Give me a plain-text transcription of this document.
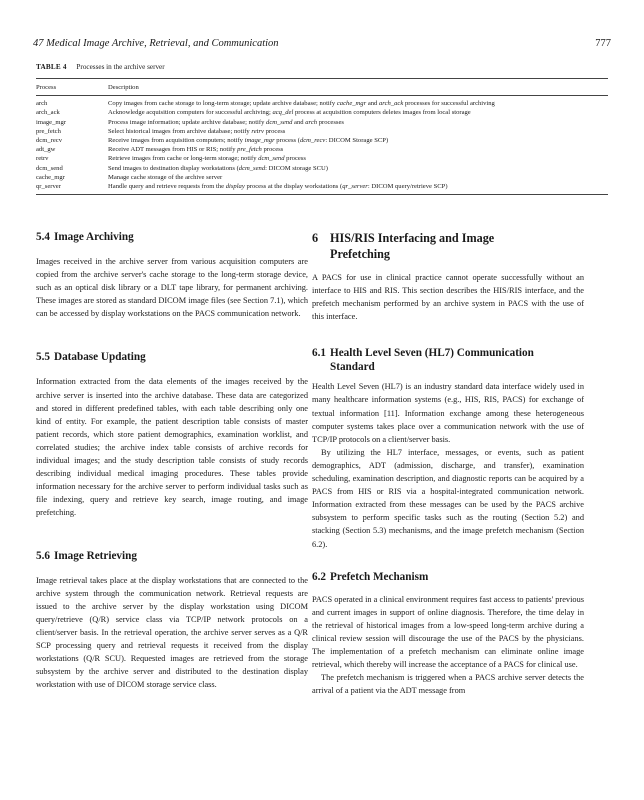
47 Medical Image Archive, Retrieval, and Communication	777
TABLE 4 Processes in the archive server
Process	Description
arch	Copy images from cache storage to long-term storage; update archive database; notify cache_mgr and arch_ack processes for successful archiving
arch_ack	Acknowledge acquisition computers for successful archiving; acq_del process at acquisition computers deletes images from local storage
image_mgr	Process image information; update archive database; notify dcm_send and arch processes
pre_fetch	Select historical images from archive database; notify retrv process
dcm_recv	Receive images from acquisition computers; notify image_mgr process (dcm_recv: DICOM Storage SCP)
adt_gw	Receive ADT messages from HIS or RIS; notify pre_fetch process
retrv	Retrieve images from cache or long-term storage; notify dcm_send process
dcm_send	Send images to destination display workstations (dcm_send: DICOM storage SCU)
cache_mgr	Manage cache storage of the archive server
qr_server	Handle query and retrieve requests from the display process at the display workstations (qr_server: DICOM query/retrieve SCP)
5.4 Image Archiving

Images received in the archive server from various acquisition computers are copied from the archive server's cache storage to the long-term storage device, such as an optical disk library or a DLT tape library, for permanent archiving. These images are stored as standard DICOM image files (see Section 7.1), which can be accessed by display workstations on the PACS communication network.

5.5 Database Updating

Information extracted from the data elements of the images received by the archive server is inserted into the archive database. These data are categorized and stored in different predefined tables, with each table describing only one kind of entity. For example, the patient description table consists of master patient records, which store patient demographics, examination worklist, and correlated studies; the archive index table consists of archive records for individual images; and the study description table consists of study records describing individual medical imaging procedures. These tables provide information necessary for the archive server to perform individual tasks such as file indexing, query and retrieve key search, image routing, and image prefetching.

5.6 Image Retrieving

Image retrieval takes place at the display workstations that are connected to the archive system through the communication network. Retrieval requests are issued to the archive server by the display workstation using DICOM query/retrieve (Q/R) service class via TCP/IP network protocols on a client/server basis. In the retrieval operation, the archive server serves as a Q/R SCP processing query and retrieval requests it received from the display workstations (Q/R SCU). Requested images are retrieved from the storage subsystem by the archive server and distributed to the destination display workstation with use of DICOM storage service class.

6 HIS/RIS Interfacing and Image
Prefetching

A PACS for use in clinical practice cannot operate successfully without an interface to HIS and RIS. This section describes the HIS/RIS interface, and the prefetch mechanism performed by an archive system in PACS with the use of this interface.

6.1 Health Level Seven (HL7) Communication
Standard

Health Level Seven (HL7) is an industry standard data interface widely used in many healthcare information systems (e.g., HIS, RIS, PACS) for exchange of textual information [11]. Information exchange among these heterogeneous computer systems takes place over a communication network with the use of TCP/IP protocols on a client/server basis.

By utilizing the HL7 interface, messages, or events, such as patient demographics, ADT (admission, discharge, and transfer), examination scheduling, examination description, and diagnostic reports can be acquired by a PACS from HIS or RIS via a hospital-integrated communication network. Information extracted from these messages can be used by the PACS archive subsystem to perform specific tasks such as the routing (Section 5.2) and stacking (Section 5.3) mechanisms, and the image prefetch mechanism (Section 6.2).

6.2 Prefetch Mechanism

PACS operated in a clinical environment requires fast access to patients' previous and current images in support of online diagnosis. Therefore, the time delay in the retrieval of historical images from a low-speed long-term archive during a clinical review session will discourage the use of the PACS by the physicians. The implementation of a prefetch mechanism can eliminate online image retrieval, which thereby will increase the acceptance of a PACS for clinical use.

The prefetch mechanism is triggered when a PACS archive server detects the arrival of a patient via the ADT message from
